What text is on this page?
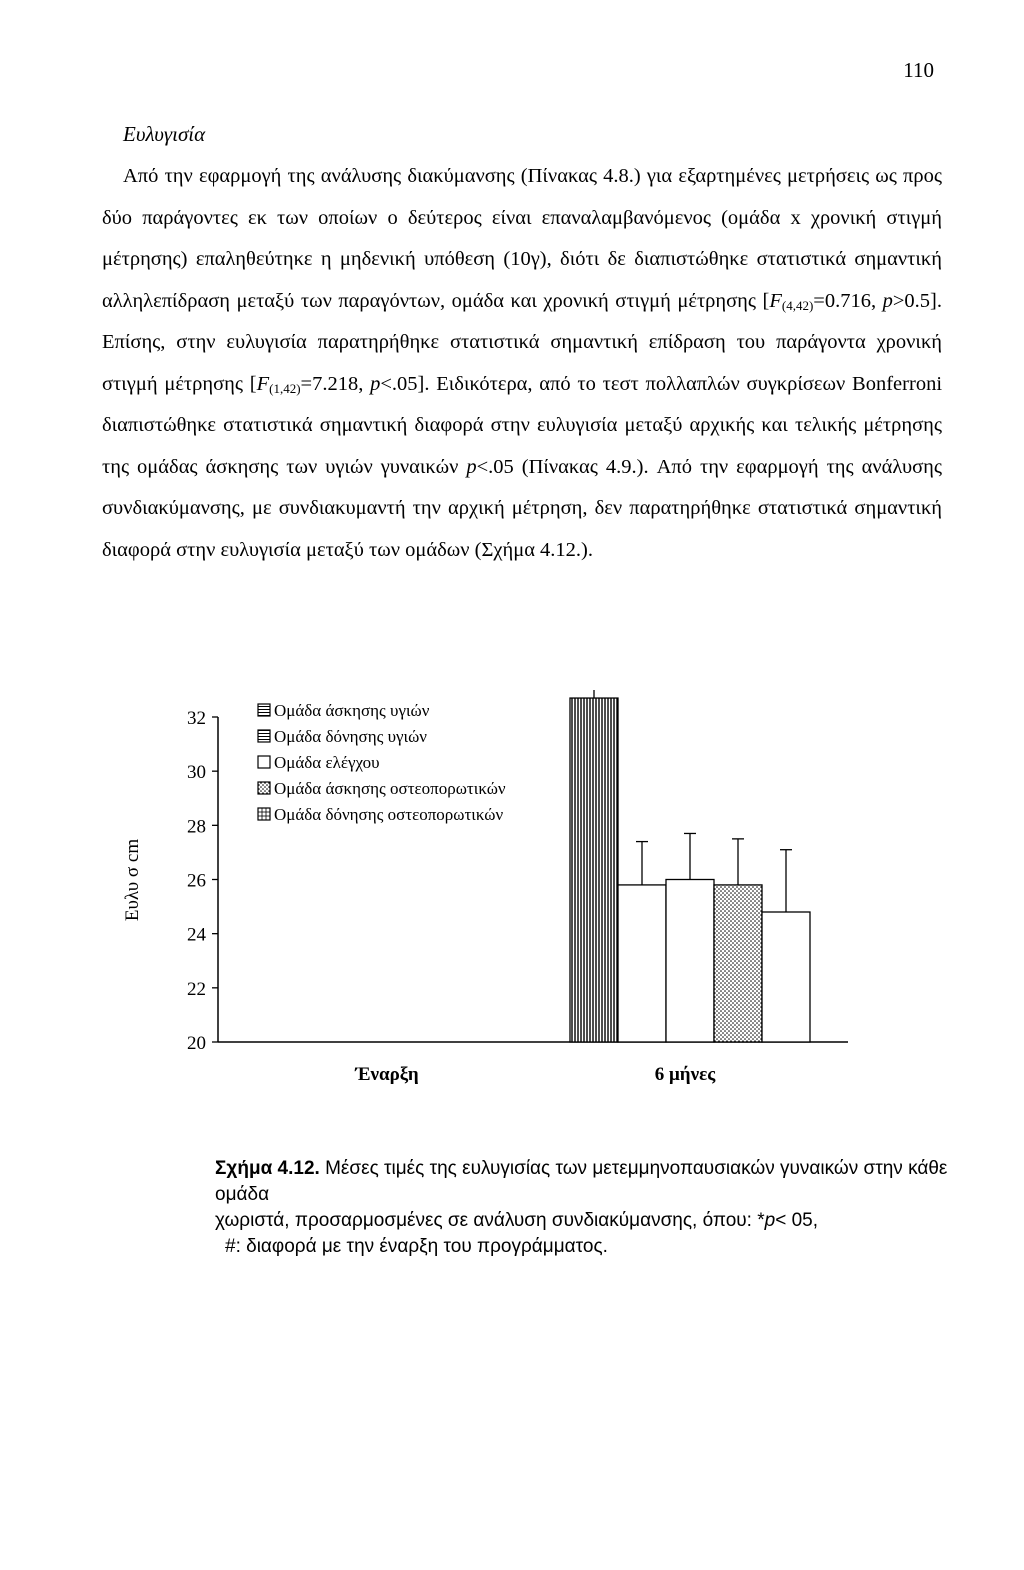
110
Ευλυγισία

Από την εφαρμογή της ανάλυσης διακύμανσης (Πίνακας 4.8.) για εξαρτημένες μετρήσεις ως προς δύο παράγοντες εκ των οποίων ο δεύτερος είναι επαναλαμβανόμενος (ομάδα x χρονική στιγμή μέτρησης) επαληθεύτηκε η μηδενική υπόθεση (10γ), διότι δε διαπιστώθηκε στατιστικά σημαντική αλληλεπίδραση μεταξύ των παραγόντων, ομάδα και χρονική στιγμή μέτρησης [$F_{(4,42)}=0.716$, p>0.5]. Επίσης, στην ευλυγισία παρατηρήθηκε στατιστικά σημαντική επίδραση του παράγοντα χρονική στιγμή μέτρησης [$F_{(1,42)}=7.218$, p<.05]. Ειδικότερα, από το τεστ πολλαπλών συγκρίσεων Bonferroni διαπιστώθηκε στατιστικά σημαντική διαφορά στην ευλυγισία μεταξύ αρχικής και τελικής μέτρησης της ομάδας άσκησης των υγιών γυναικών p<.05 (Πίνακας 4.9.). Από την εφαρμογή της ανάλυσης συνδιακύμανσης, με συνδιακυμαντή την αρχική μέτρηση, δεν παρατηρήθηκε στατιστικά σημαντική διαφορά στην ευλυγισία μεταξύ των ομάδων (Σχήμα 4.12.).

32
30
28
26
24
22
20
Ομάδα άσκησης υγιών
Ομάδα δόνησης υγιών
Ομάδα ελέγχου
Ομάδα άσκησης οστεοπορωτικών
Ομάδα δόνησης οστεοπορωτικών
Ευλυ σ cm
Έναρξη	6 μήνες
Σχήμα 4.12. Μέσες τιμές της ευλυγισίας των μετεμμηνοπαυσιακών γυναικών στην κάθε ομάδα
χωριστά, προσαρμοσμένες σε ανάλυση συνδιακύμανσης, όπου: *p< 05,
#: διαφορά με την έναρξη του προγράμματος.
